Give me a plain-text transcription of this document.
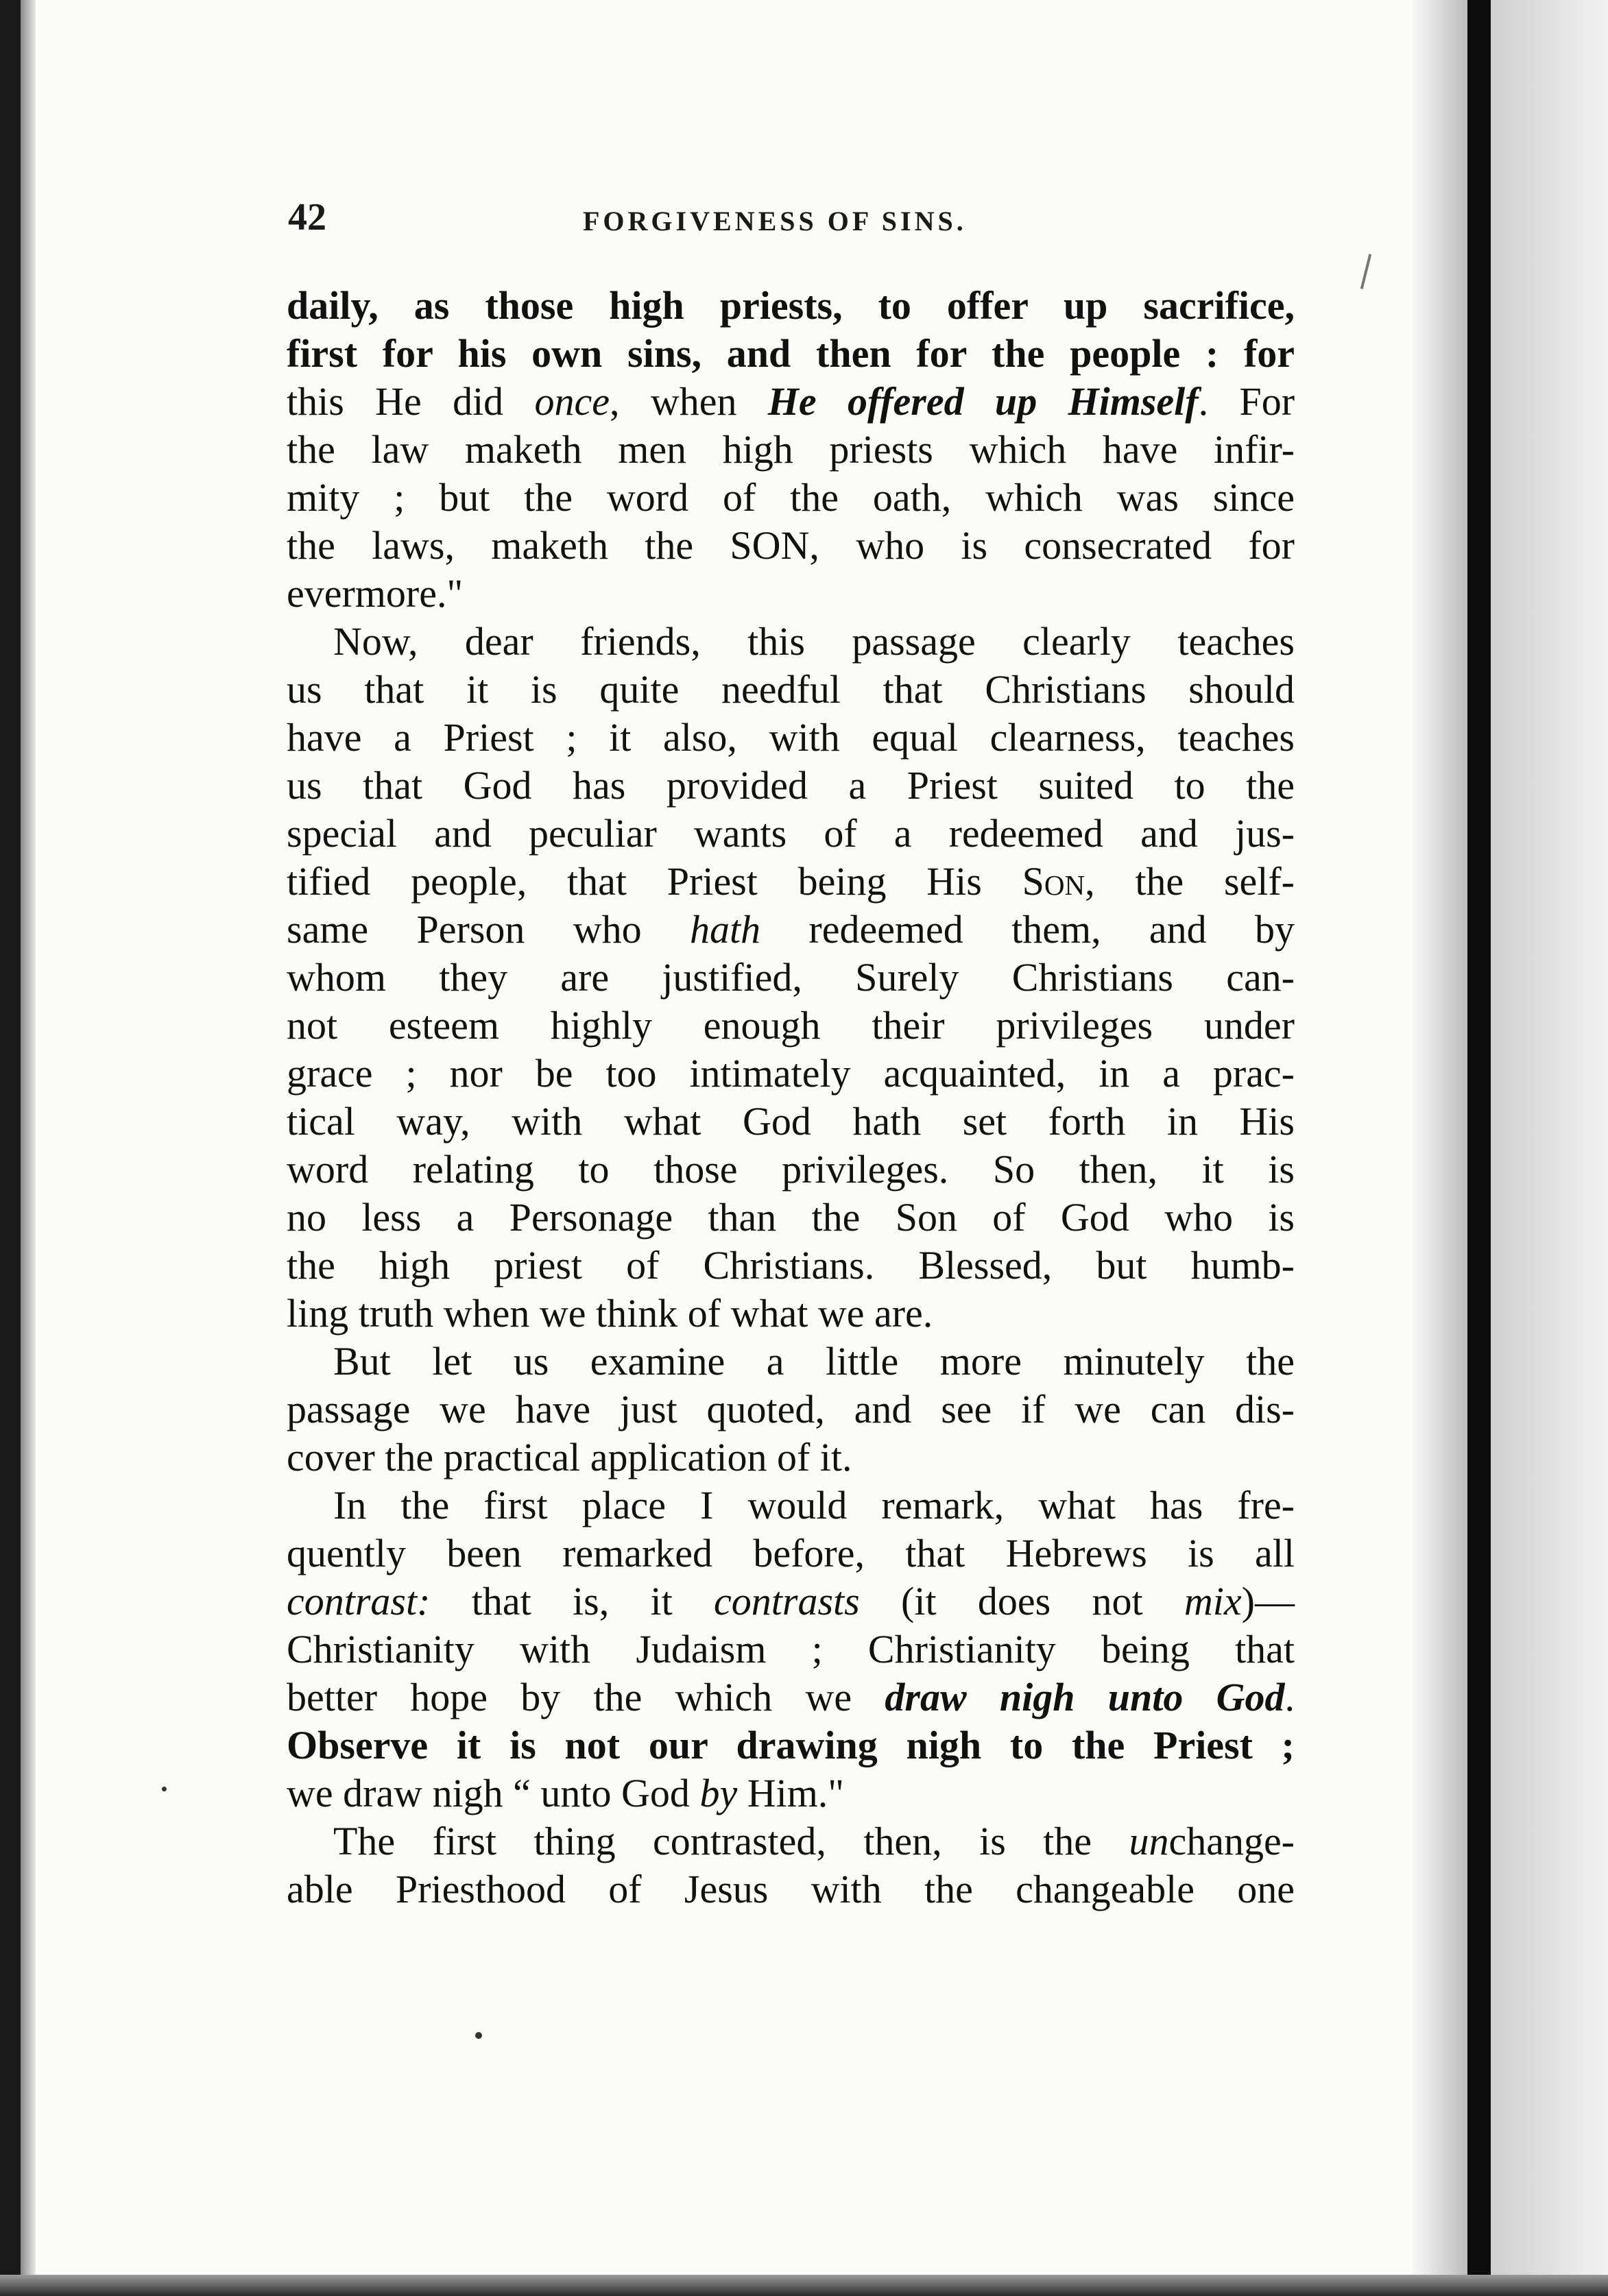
42	FORGIVENESS OF SINS.
daily, as those high priests, to offer up sacrifice,
first for his own sins, and then for the people : for
this He did once, when He offered up Himself. For
the law maketh men high priests which have infir-
mity ; but the word of the oath, which was since
the laws, maketh the SON, who is consecrated for
evermore."
Now, dear friends, this passage clearly teaches
us that it is quite needful that Christians should
have a Priest ; it also, with equal clearness, teaches
us that God has provided a Priest suited to the
special and peculiar wants of a redeemed and jus-
tified people, that Priest being His Son, the self-
same Person who hath redeemed them, and by
whom they are justified, Surely Christians can-
not esteem highly enough their privileges under
grace ; nor be too intimately acquainted, in a prac-
tical way, with what God hath set forth in His
word relating to those privileges. So then, it is
no less a Personage than the Son of God who is
the high priest of Christians. Blessed, but humb-
ling truth when we think of what we are.
But let us examine a little more minutely the
passage we have just quoted, and see if we can dis-
cover the practical application of it.
In the first place I would remark, what has fre-
quently been remarked before, that Hebrews is all
contrast: that is, it contrasts (it does not mix)—
Christianity with Judaism ; Christianity being that
better hope by the which we draw nigh unto God.
Observe it is not our drawing nigh to the Priest ;
we draw nigh “ unto God by Him."
The first thing contrasted, then, is the unchange-
able Priesthood of Jesus with the changeable one
